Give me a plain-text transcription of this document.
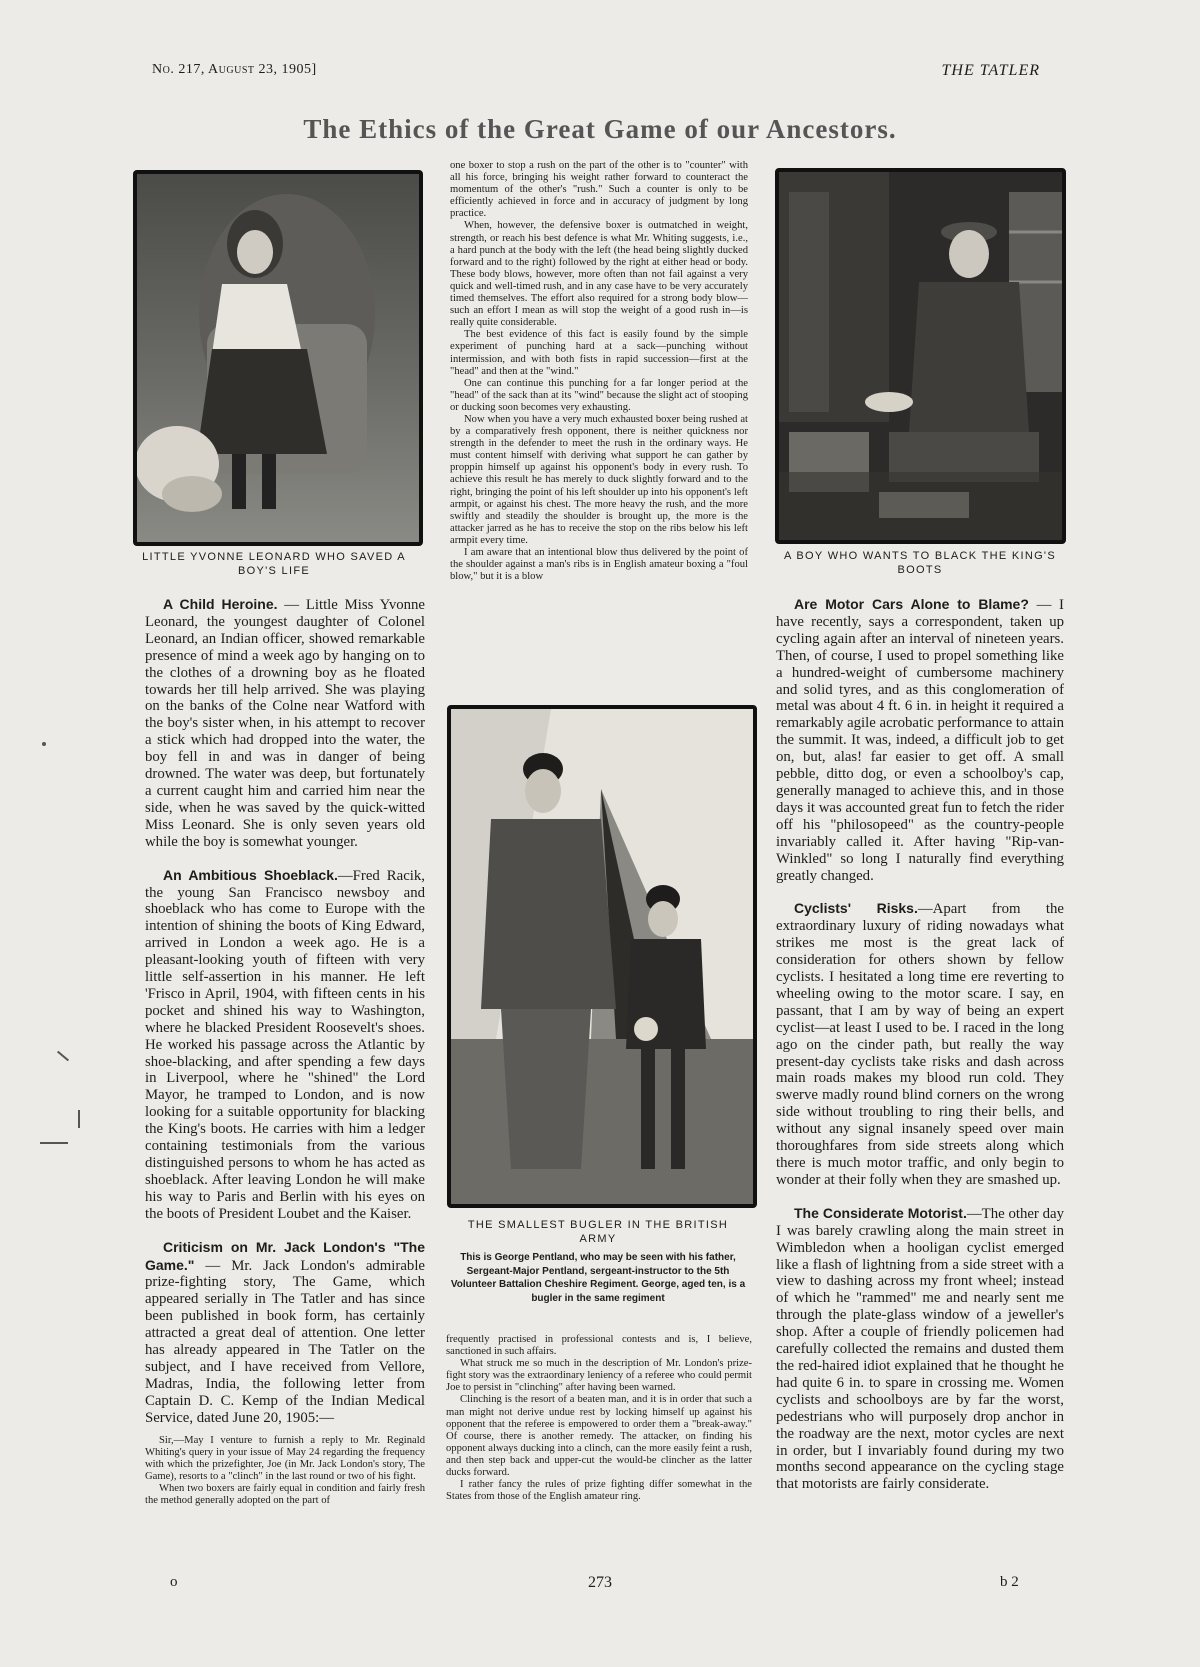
No. 217, August 23, 1905]	THE TATLER
The Ethics of the Great Game of our Ancestors.
LITTLE YVONNE LEONARD WHO SAVED A BOY'S LIFE
A BOY WHO WANTS TO BLACK THE KING'S BOOTS
THE SMALLEST BUGLER IN THE BRITISH ARMY
This is George Pentland, who may be seen with his father, Sergeant-Major Pentland, sergeant-instructor to the 5th Volunteer Battalion Cheshire Regiment. George, aged ten, is a bugler in the same regiment

A Child Heroine. — Little Miss Yvonne Leonard, the youngest daughter of Colonel Leonard, an Indian officer, showed remarkable presence of mind a week ago by hanging on to the clothes of a drowning boy as he floated towards her till help arrived. She was playing on the banks of the Colne near Watford with the boy's sister when, in his attempt to recover a stick which had dropped into the water, the boy fell in and was in danger of being drowned. The water was deep, but fortunately a current caught him and carried him near the side, when he was saved by the quick-witted Miss Leonard. She is only seven years old while the boy is somewhat younger.

An Ambitious Shoeblack.—Fred Racik, the young San Francisco newsboy and shoeblack who has come to Europe with the intention of shining the boots of King Edward, arrived in London a week ago. He is a pleasant-looking youth of fifteen with very little self-assertion in his manner. He left 'Frisco in April, 1904, with fifteen cents in his pocket and shined his way to Washington, where he blacked President Roosevelt's shoes. He worked his passage across the Atlantic by shoe-blacking, and after spending a few days in Liverpool, where he "shined" the Lord Mayor, he tramped to London, and is now looking for a suitable opportunity for blacking the King's boots. He carries with him a ledger containing testimonials from the various distinguished persons to whom he has acted as shoeblack. After leaving London he will make his way to Paris and Berlin with his eyes on the boots of President Loubet and the Kaiser.

Criticism on Mr. Jack London's "The Game." — Mr. Jack London's admirable prize-fighting story, The Game, which appeared serially in The Tatler and has since been published in book form, has certainly attracted a great deal of attention. One letter has already appeared in The Tatler on the subject, and I have received from Vellore, Madras, India, the following letter from Captain D. C. Kemp of the Indian Medical Service, dated June 20, 1905:—

Sir,—May I venture to furnish a reply to Mr. Reginald Whiting's query in your issue of May 24 regarding the frequency with which the prizefighter, Joe (in Mr. Jack London's story, The Game), resorts to a "clinch" in the last round or two of his fight.

When two boxers are fairly equal in condition and fairly fresh the method generally adopted on the part of

one boxer to stop a rush on the part of the other is to "counter" with all his force, bringing his weight rather forward to counteract the momentum of the other's "rush." Such a counter is only to be efficiently achieved in force and in accuracy of judgment by long practice.

When, however, the defensive boxer is outmatched in weight, strength, or reach his best defence is what Mr. Whiting suggests, i.e., a hard punch at the body with the left (the head being slightly ducked forward and to the right) followed by the right at either head or body. These body blows, however, more often than not fail against a very quick and well-timed rush, and in any case have to be very accurately timed themselves. The effort also required for a strong body blow—such an effort I mean as will stop the weight of a good rush in—is really quite considerable.

The best evidence of this fact is easily found by the simple experiment of punching hard at a sack—punching without intermission, and with both fists in rapid succession—first at the "head" and then at the "wind."

One can continue this punching for a far longer period at the "head" of the sack than at its "wind" because the slight act of stooping or ducking soon becomes very exhausting.

Now when you have a very much exhausted boxer being rushed at by a comparatively fresh opponent, there is neither quickness nor strength in the defender to meet the rush in the ordinary ways. He must content himself with deriving what support he can gather by proppin himself up against his opponent's body in every rush. To achieve this result he has merely to duck slightly forward and to the right, bringing the point of his left shoulder up into his opponent's left armpit, or against his chest. The more heavy the rush, and the more swiftly and steadily the shoulder is brought up, the more is the attacker jarred as he has to receive the stop on the ribs below his left armpit every time.

I am aware that an intentional blow thus delivered by the point of the shoulder against a man's ribs is in English amateur boxing a "foul blow," but it is a blow

frequently practised in professional contests and is, I believe, sanctioned in such affairs.

What struck me so much in the description of Mr. London's prize-fight story was the extraordinary leniency of a referee who could permit Joe to persist in "clinching" after having been warned.

Clinching is the resort of a beaten man, and it is in order that such a man might not derive undue rest by locking himself up against his opponent that the referee is empowered to order them a "break-away." Of course, there is another remedy. The attacker, on finding his opponent always ducking into a clinch, can the more easily feint a rush, and then step back and upper-cut the would-be clincher as the latter ducks forward.

I rather fancy the rules of prize fighting differ somewhat in the States from those of the English amateur ring.

Are Motor Cars Alone to Blame? — I have recently, says a correspondent, taken up cycling again after an interval of nineteen years. Then, of course, I used to propel something like a hundred-weight of cumbersome machinery and solid tyres, and as this conglomeration of metal was about 4 ft. 6 in. in height it required a remarkably agile acrobatic performance to attain the summit. It was, indeed, a difficult job to get on, but, alas! far easier to get off. A small pebble, ditto dog, or even a schoolboy's cap, generally managed to achieve this, and in those days it was accounted great fun to fetch the rider off his "philosopeed" as the country-people invariably called it. After having "Rip-van-Winkled" so long I naturally find everything greatly changed.

Cyclists' Risks.—Apart from the extraordinary luxury of riding nowadays what strikes me most is the great lack of consideration for others shown by fellow cyclists. I hesitated a long time ere reverting to wheeling owing to the motor scare. I say, en passant, that I am by way of being an expert cyclist—at least I used to be. I raced in the long ago on the cinder path, but really the way present-day cyclists take risks and dash across main roads makes my blood run cold. They swerve madly round blind corners on the wrong side without troubling to ring their bells, and without any signal insanely speed over main thoroughfares from side streets along which there is much motor traffic, and only begin to wonder at their folly when they are smashed up.

The Considerate Motorist.—The other day I was barely crawling along the main street in Wimbledon when a hooligan cyclist emerged like a flash of lightning from a side street with a view to dashing across my front wheel; instead of which he "rammed" me and nearly sent me through the plate-glass window of a jeweller's shop. After a couple of friendly policemen had carefully collected the remains and dusted them the red-haired idiot explained that he thought he had quite 6 in. to spare in crossing me. Women cyclists and schoolboys are by far the worst, pedestrians who will purposely drop anchor in the roadway are the next, motor cycles are next in order, but I invariably found during my two months second appearance on the cycling stage that motorists are fairly considerate.

o	273	b 2
